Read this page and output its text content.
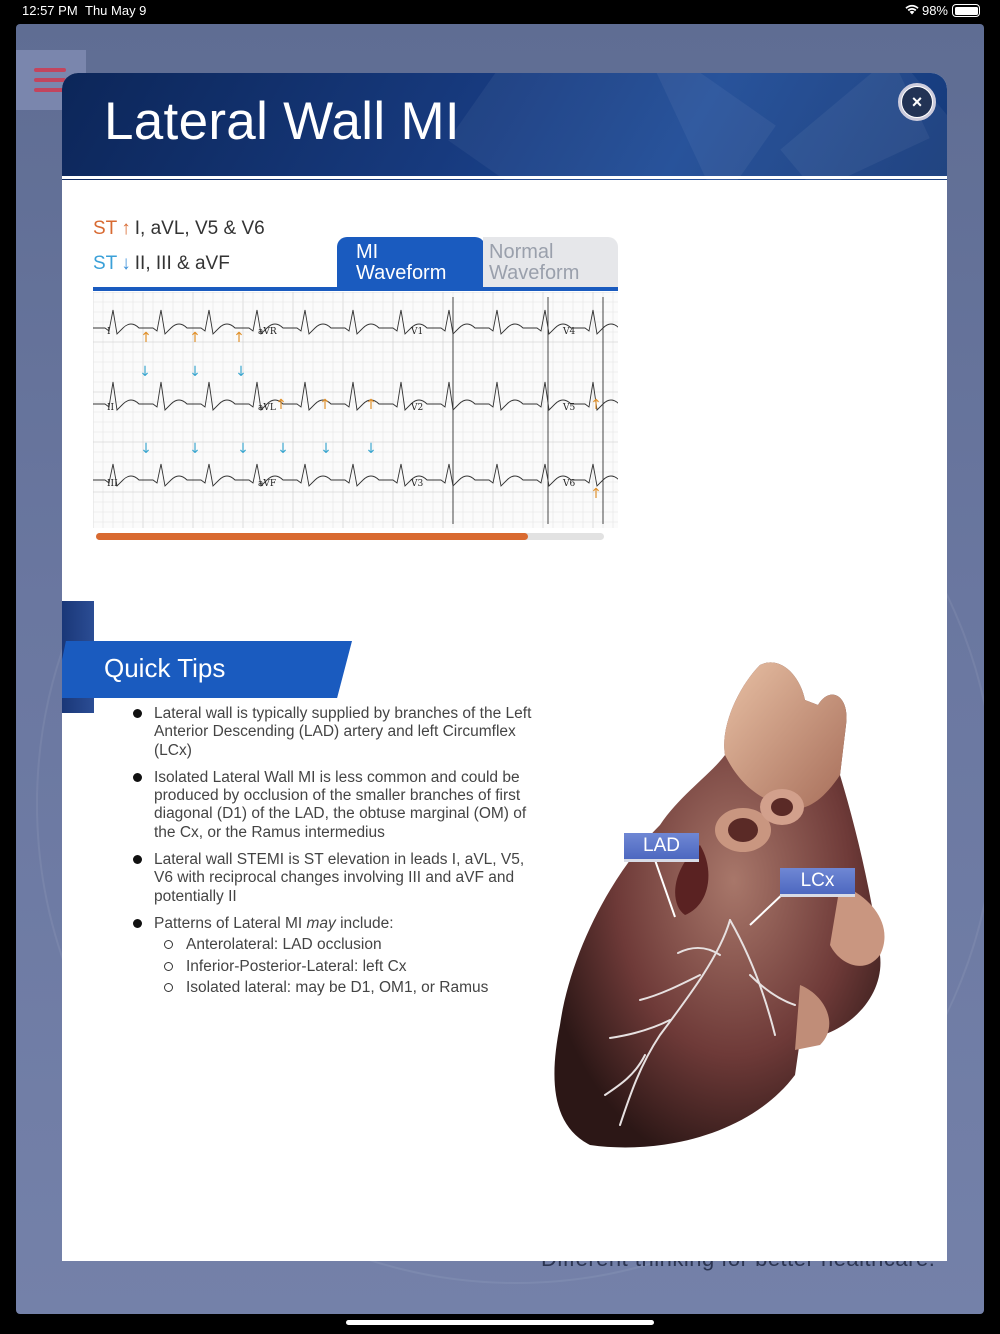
12:57 PM Thu May 9	98%
Lateral Wall MI	×
ST ↑ I, aVL, V5 & V6
ST ↓ II, III & aVF
MI
Waveform
Normal
Waveform
I	aVR	V1	V4
II	aVL	V2	V5
III	aVF	V3	V6
↑	↑ ↑
↓	↓ ↓
↑ ↑ ↑	↑
↓	↓	↓ ↓ ↓ ↓
↑
Quick Tips
Lateral wall is typically supplied by branches of the Left Anterior Descending (LAD) artery and left Circumflex (LCx)
Isolated Lateral Wall MI is less common and could be produced by occlusion of the smaller branches of first diagonal (D1) of the LAD, the obtuse marginal (OM) of the Cx, or the Ramus intermedius
Lateral wall STEMI is ST elevation in leads I, aVL, V5, V6 with reciprocal changes involving III and aVF and potentially II
Patterns of Lateral MI may include:
Anterolateral: LAD occlusion
Inferior-Posterior-Lateral: left Cx
Isolated lateral: may be D1, OM1, or Ramus
LAD
LCx
